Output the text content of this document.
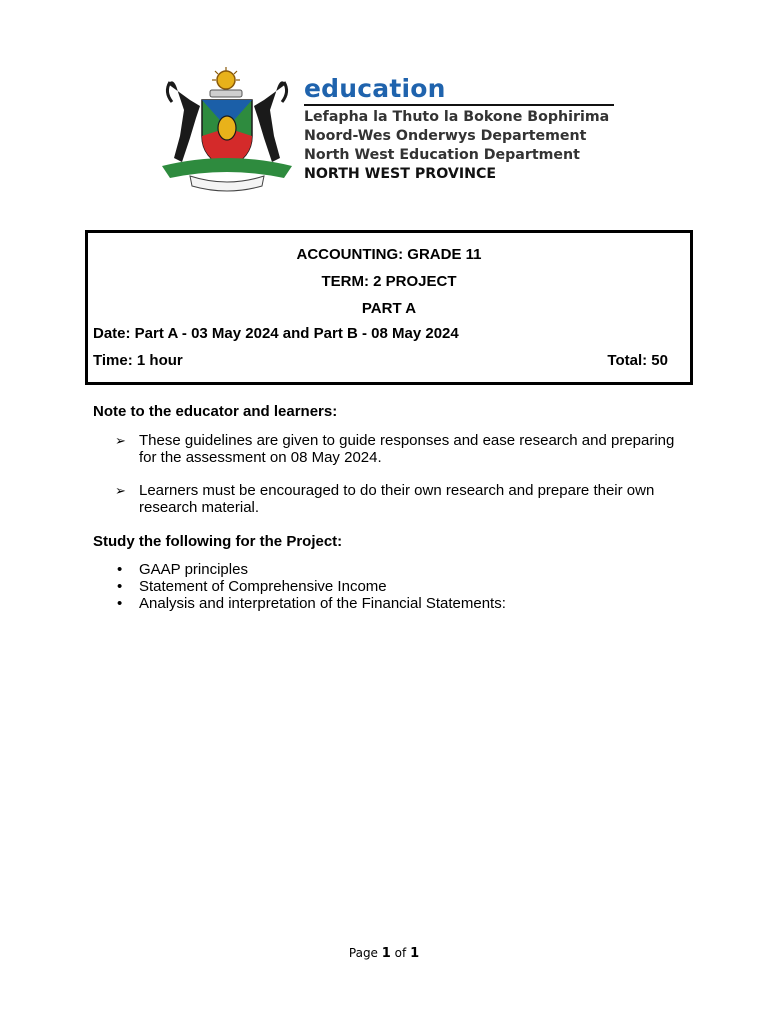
education
Lefapha la Thuto la Bokone Bophirima
Noord-Wes Onderwys Departement
North West Education Department
NORTH WEST PROVINCE
ACCOUNTING: GRADE 11
TERM: 2 PROJECT
PART A
Date: Part A - 03 May 2024 and Part B - 08 May 2024
Time: 1 hour	Total: 50
Note to the educator and learners:
➢ These guidelines are given to guide responses and ease research and preparing for the assessment on 08 May 2024.
➢ Learners must be encouraged to do their own research and prepare their own research material.
Study the following for the Project:
• GAAP principles
• Statement of Comprehensive Income
• Analysis and interpretation of the Financial Statements:
Page 1 of 1
